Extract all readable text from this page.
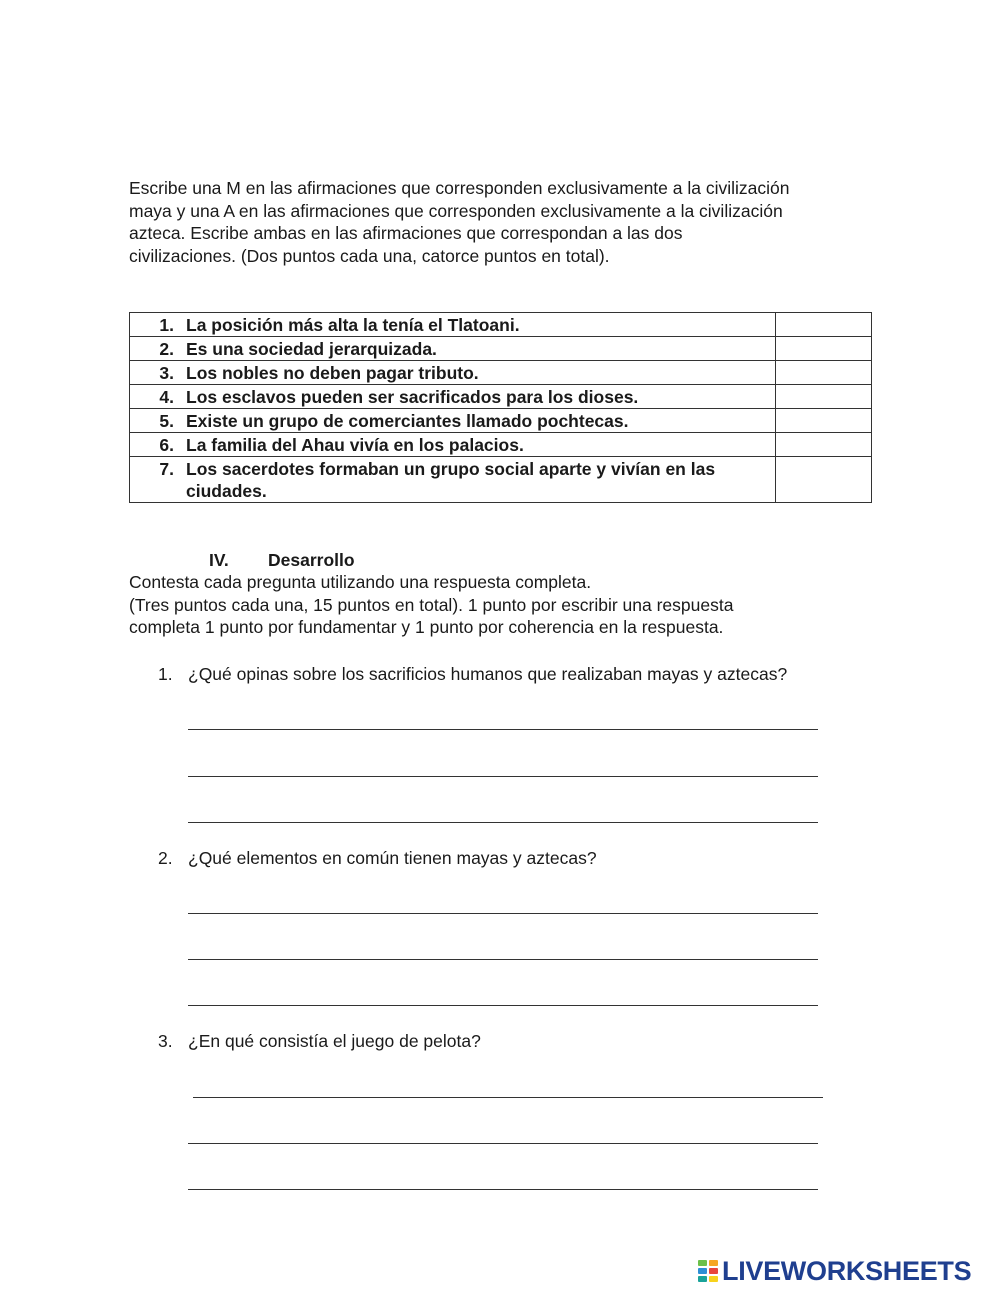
Escribe una M en las afirmaciones que corresponden exclusivamente a la civilización
maya y una A en las afirmaciones que corresponden exclusivamente a la civilización
azteca. Escribe ambas en las afirmaciones que correspondan a las dos
civilizaciones. (Dos puntos cada una, catorce puntos en total).

1. La posición más alta la tenía el Tlatoani.	

2. Es una sociedad jerarquizada.	

3. Los nobles no deben pagar tributo.	

4. Los esclavos pueden ser sacrificados para los dioses.	

5. Existe un grupo de comerciantes llamado pochtecas.	

6. La familia del Ahau vivía en los palacios.	

7. Los sacerdotes formaban un grupo social aparte y vivían en las ciudades.	

IV. Desarrollo

Contesta cada pregunta utilizando una respuesta completa.
(Tres puntos cada una, 15 puntos en total). 1 punto por escribir una respuesta
completa 1 punto por fundamentar y 1 punto por coherencia en la respuesta.

1. ¿Qué opinas sobre los sacrificios humanos que realizaban mayas y aztecas?
2. ¿Qué elementos en común tienen mayas y aztecas?
3. ¿En qué consistía el juego de pelota?
LIVEWORKSHEETS
